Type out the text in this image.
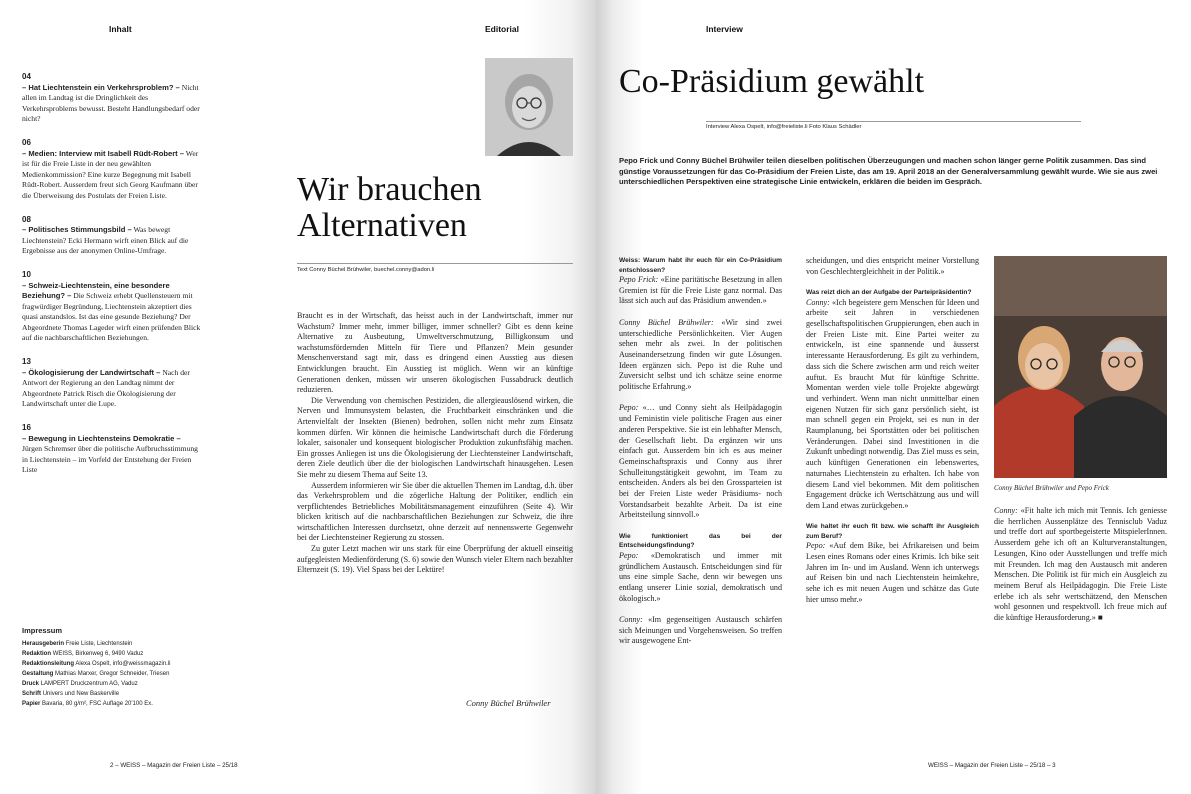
Inhalt	Editorial
04
– Hat Liechtenstein ein Verkehrsproblem? – Nicht allen im Landtag ist die Dringlichkeit des Verkehrsproblems bewusst. Besteht Handlungsbedarf oder nicht?
06
– Medien: Interview mit Isabell Rüdt-Robert – Wer ist für die Freie Liste in der neu gewählten Medienkommission? Eine kurze Begegnung mit Isabell Rüdt-Robert. Ausserdem freut sich Georg Kaufmann über die Überweisung des Postulats der Freien Liste.
08
– Politisches Stimmungsbild – Was bewegt Liechtenstein? Ecki Hermann wirft einen Blick auf die Ergebnisse aus der anonymen Online-Umfrage.
10
– Schweiz-Liechtenstein, eine besondere Beziehung? – Die Schweiz erhebt Quellensteuern mit fragwürdiger Begründung, Liechtenstein akzeptiert dies quasi anstandslos. Ist das eine gesunde Beziehung? Der Abgeordnete Thomas Lageder wirft einen prüfenden Blick auf die nachbarschaftlichen Beziehungen.
13
– Ökologisierung der Landwirtschaft – Nach der Antwort der Regierung an den Landtag nimmt der Abgeordnete Patrick Risch die Ökologisierung der Landwirtschaft unter die Lupe.
16
– Bewegung in Liechtensteins Demokratie – Jürgen Schremser über die politische Aufbruchsstimmung in Liechtenstein – im Vorfeld der Entstehung der Freien Liste
Impressum
Herausgeberin Freie Liste, Liechtenstein
Redaktion WEISS, Birkenweg 6, 9490 Vaduz
Redaktionsleitung Alexa Ospelt, info@weissmagazin.li
Gestaltung Mathias Marxer, Gregor Schneider, Triesen
Druck LAMPERT Druckzentrum AG, Vaduz
Schrift Univers und New Baskerville
Papier Bavaria, 80 g/m², FSC Auflage 20'100 Ex.
2 – WEISS – Magazin der Freien Liste – 25/18
Wir brauchen Alternativen
Text Conny Büchel Brühwiler, buechel.conny@adon.li

Braucht es in der Wirtschaft, das heisst auch in der Landwirtschaft, immer nur Wachstum? Immer mehr, immer billiger, immer schneller? Gibt es denn keine Alternative zu Ausbeutung, Umweltverschmutzung, Billigkonsum und wachstumsfördernden Mitteln für Tiere und Pflanzen? Mein gesunder Menschenverstand sagt mir, dass es dringend einen Ausstieg aus diesen Entwicklungen braucht. Ein Ausstieg ist möglich. Wenn wir an künftige Generationen denken, müssen wir unseren ökologischen Fussabdruck deutlich reduzieren.

Die Verwendung von chemischen Pestiziden, die allergieauslösend wirken, die Nerven und Immunsystem belasten, die Fruchtbarkeit einschränken und die Artenvielfalt der Insekten (Bienen) bedrohen, sollen nicht mehr zum Einsatz kommen dürfen. Wir können die heimische Landwirtschaft durch die Förderung lokaler, saisonaler und konsequent biologischer Produktion zukunftsfähig machen. Ein grosses Anliegen ist uns die Ökologisierung der Liechtensteiner Landwirtschaft, deren Ziele deutlich über die der biologischen Landwirtschaft hinausgehen. Lesen Sie mehr zu diesem Thema auf Seite 13.

Ausserdem informieren wir Sie über die aktuellen Themen im Landtag, d.h. über das Verkehrsproblem und die zögerliche Haltung der Politiker, endlich ein verpflichtendes Betriebliches Mobilitätsmanagement einzuführen (Seite 4). Wir blicken kritisch auf die nachbarschaftlichen Beziehungen zur Schweiz, die ihre wirtschaftlichen Interessen durchsetzt, ohne derzeit auf nennenswerte Gegenwehr bei der Liechtensteiner Regierung zu stossen.

Zu guter Letzt machen wir uns stark für eine Überprüfung der aktuell einseitig aufgegleisten Medienförderung (S. 6) sowie den Wunsch vieler Eltern nach bezahlter Elternzeit (S. 19). Viel Spass bei der Lektüre!

Conny Büchel Brühwiler
Interview
Co-Präsidium gewählt
Interview Alexa Ospelt, info@freieliste.li Foto Klaus Schädler
Pepo Frick und Conny Büchel Brühwiler teilen dieselben politischen Überzeugungen und machen schon länger gerne Politik zusammen. Das sind günstige Voraussetzungen für das Co-Präsidium der Freien Liste, das am 19. April 2018 an der Generalversammlung gewählt wurde. Wie sie aus zwei unterschiedlichen Perspektiven eine strategische Linie entwickeln, erklären die beiden im Gespräch.

Weiss: Warum habt ihr euch für ein Co-Präsidium entschlossen?
Pepo Frick: «Eine paritätische Besetzung in allen Gremien ist für die Freie Liste ganz normal. Das lässt sich auch auf das Präsidium anwenden.»

Conny Büchel Brühwiler: «Wir sind zwei unterschiedliche Persönlichkeiten. Vier Augen sehen mehr als zwei. In der politischen Auseinandersetzung finden wir gute Lösungen. Ideen ergänzen sich. Pepo ist die Ruhe und Zuversicht selbst und ich schätze seine enorme politische Erfahrung.»

Pepo: «… und Conny sieht als Heilpädagogin und Feministin viele politische Fragen aus einer anderen Perspektive. Sie ist ein lebhafter Mensch, der Gesellschaft liebt. Da ergänzen wir uns einfach gut. Ausserdem bin ich es aus meiner Gemeinschaftspraxis und Conny aus ihrer Schulleitungstätigkeit gewohnt, im Team zu entscheiden. Anders als bei den Grossparteien ist bei der Freien Liste weder Präsidiums- noch Vorstandsarbeit bezahlte Arbeit. Da ist eine Arbeitsteilung sinnvoll.»

Wie funktioniert das bei der Entscheidungsfindung?
Pepo: «Demokratisch und immer mit gründlichem Austausch. Entscheidungen sind für uns eine simple Sache, denn wir bewegen uns entlang unserer Linie sozial, demokratisch und ökologisch.»

Conny: «Im gegenseitigen Austausch schärfen sich Meinungen und Vorgehensweisen. So treffen wir ausgewogene Ent-

scheidungen, und dies entspricht meiner Vorstellung von Geschlechtergleichheit in der Politik.»

Was reizt dich an der Aufgabe der Parteipräsidentin?
Conny: «Ich begeistere gern Menschen für Ideen und arbeite seit Jahren in verschiedenen gesellschaftspolitischen Gruppierungen, eben auch in der Freien Liste mit. Eine Partei weiter zu entwickeln, ist eine spannende und äusserst interessante Herausforderung. Es gilt zu verhindern, dass sich die Schere zwischen arm und reich weiter auftut. Es braucht Mut für künftige Schritte. Momentan werden viele tolle Projekte abgewürgt und verhindert. Wenn man nicht unmittelbar einen eigenen Nutzen für sich ganz persönlich sieht, ist man schnell gegen ein Projekt, sei es nun in der Raumplanung, bei Sportstätten oder bei politischen Veränderungen. Dabei sind Investitionen in die Zukunft unbedingt notwendig. Das Ziel muss es sein, auch künftigen Generationen ein lebenswertes, naturnahes Liechtenstein zu erhalten. Ich habe von diesem Land viel bekommen. Mit dem politischen Engagement drücke ich Wertschätzung aus und will dem Land etwas zurückgeben.»

Wie haltet ihr euch fit bzw. wie schafft ihr Ausgleich zum Beruf?
Pepo: «Auf dem Bike, bei Afrikareisen und beim Lesen eines Romans oder eines Krimis. Ich bike seit Jahren im In- und im Ausland. Wenn ich unterwegs auf Reisen bin und nach Liechtenstein heimkehre, sehe ich es mit neuen Augen und schätze das Gute hier umso mehr.»

Conny Büchel Brühwiler und Pepo Frick
Conny: «Fit halte ich mich mit Tennis. Ich geniesse die herrlichen Aussenplätze des Tennisclub Vaduz und treffe dort auf sportbegeisterte MitspielerInnen. Ausserdem gehe ich oft an Kulturveranstaltungen, Lesungen, Kino oder Ausstellungen und treffe mich mit Freunden. Ich mag den Austausch mit anderen Menschen. Die Politik ist für mich ein Ausgleich zu meinem Beruf als Heilpädagogin. Die Freie Liste erlebe ich als sehr wertschätzend, den Menschen wohl gesonnen und respektvoll. Ich freue mich auf die künftige Herausforderung.» ■
WEISS – Magazin der Freien Liste – 25/18 – 3
